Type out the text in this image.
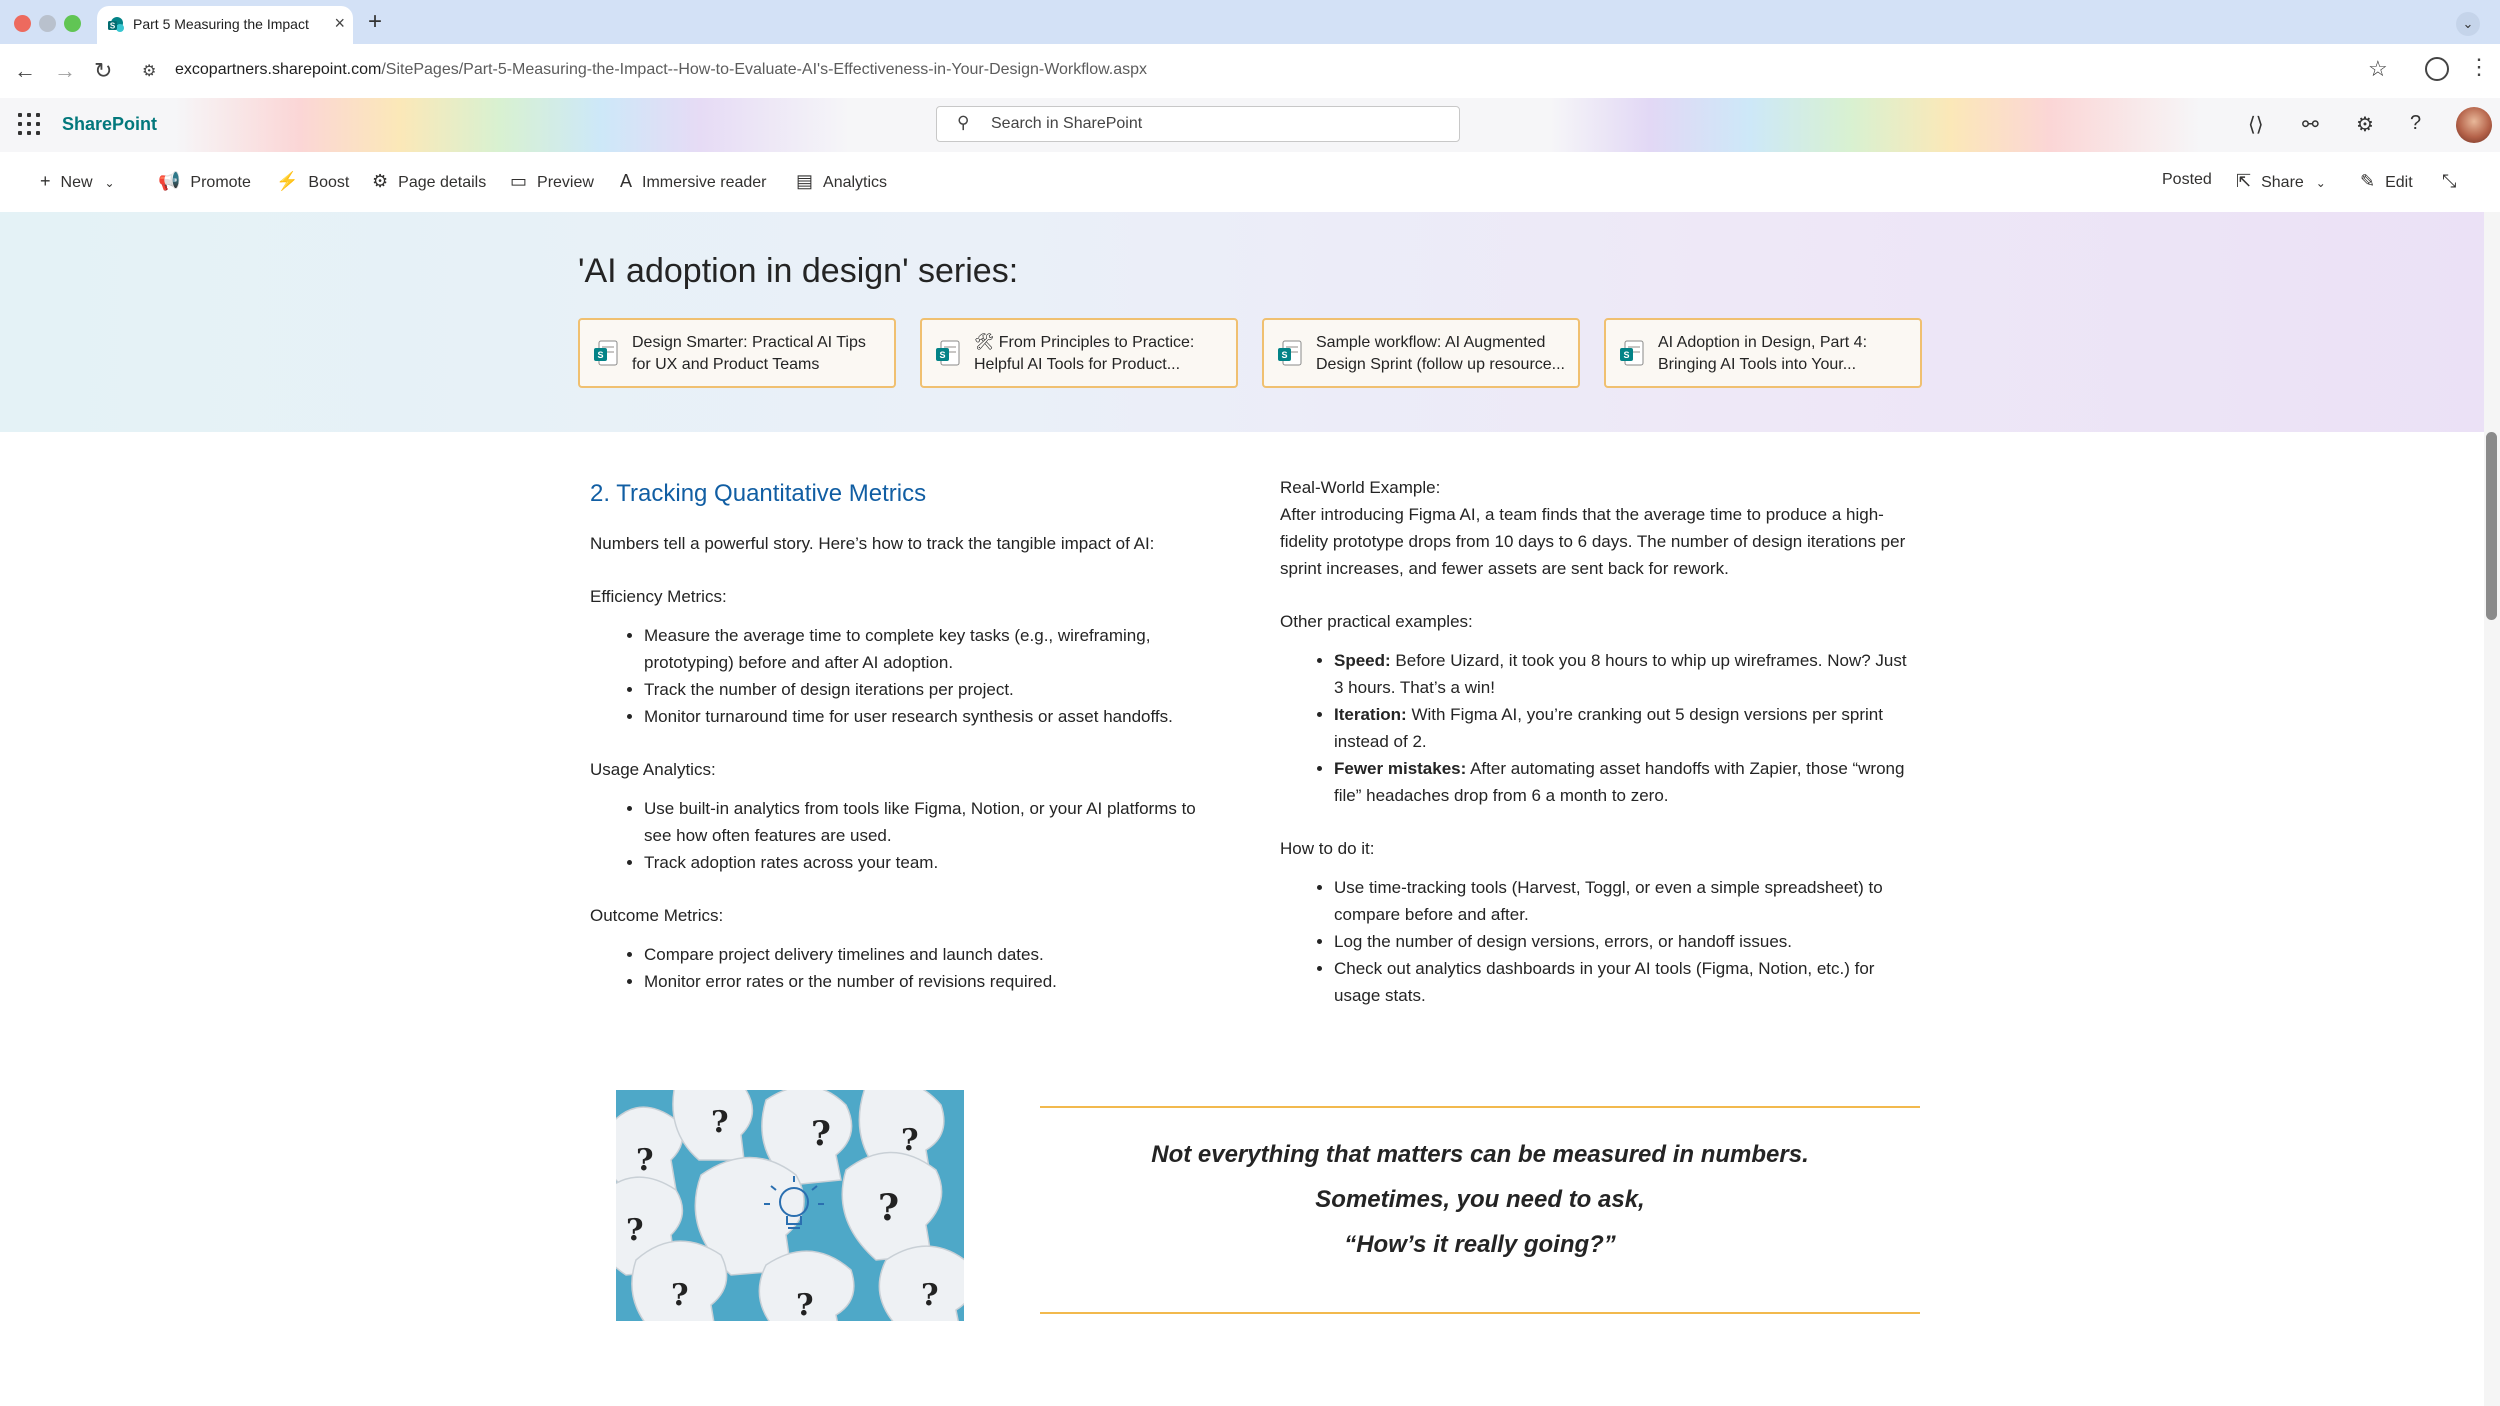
S Part 5 Measuring the Impact × +	⌄
← → ↻ ⚙ excopartners.sharepoint.com/SitePages/Part-5-Measuring-the-Impact--How-to-Evaluate-AI's-Effectiveness-in-Your-Design-Workflow.aspx	☆	⋮
SharePoint	⚲ Search in SharePoint	⟨⟩ ⚯ ⚙ ?
+ New ⌄ 📢 Promote ⚡ Boost ⚙ Page details ▭ Preview A Immersive reader ▤ Analytics	Posted ⇱ Share ⌄ ✎ Edit ⤡
'AI adoption in design' series:
S
Design Smarter: Practical AI Tips
for UX and Product Teams
S
🛠 From Principles to Practice:
Helpful AI Tools for Product...
S
Sample workflow: AI Augmented
Design Sprint (follow up resource...
S
AI Adoption in Design, Part 4:
Bringing AI Tools into Your...
2. Tracking Quantitative Metrics

Numbers tell a powerful story. Here’s how to track the tangible impact of AI:

Efficiency Metrics:

• Measure the average time to complete key tasks (e.g., wireframing, prototyping) before and after AI adoption.
• Track the number of design iterations per project.
• Monitor turnaround time for user research synthesis or asset handoffs.

Usage Analytics:

• Use built-in analytics from tools like Figma, Notion, or your AI platforms to see how often features are used.
• Track adoption rates across your team.

Outcome Metrics:

• Compare project delivery timelines and launch dates.
• Monitor error rates or the number of revisions required.

Real-World Example:

After introducing Figma AI, a team finds that the average time to produce a high-fidelity prototype drops from 10 days to 6 days. The number of design iterations per sprint increases, and fewer assets are sent back for rework.

Other practical examples:

• Speed: Before Uizard, it took you 8 hours to whip up wireframes. Now? Just 3 hours. That’s a win!
• Iteration: With Figma AI, you’re cranking out 5 design versions per sprint instead of 2.
• Fewer mistakes: After automating asset handoffs with Zapier, those “wrong file” headaches drop from 6 a month to zero.

How to do it:

• Use time-tracking tools (Harvest, Toggl, or even a simple spreadsheet) to compare before and after.
• Log the number of design versions, errors, or handoff issues.
• Check out analytics dashboards in your AI tools (Figma, Notion, etc.) for usage stats.
?
? ? ?
?
?
?	?	?
Not everything that matters can be measured in numbers.
Sometimes, you need to ask,
“How’s it really going?”
